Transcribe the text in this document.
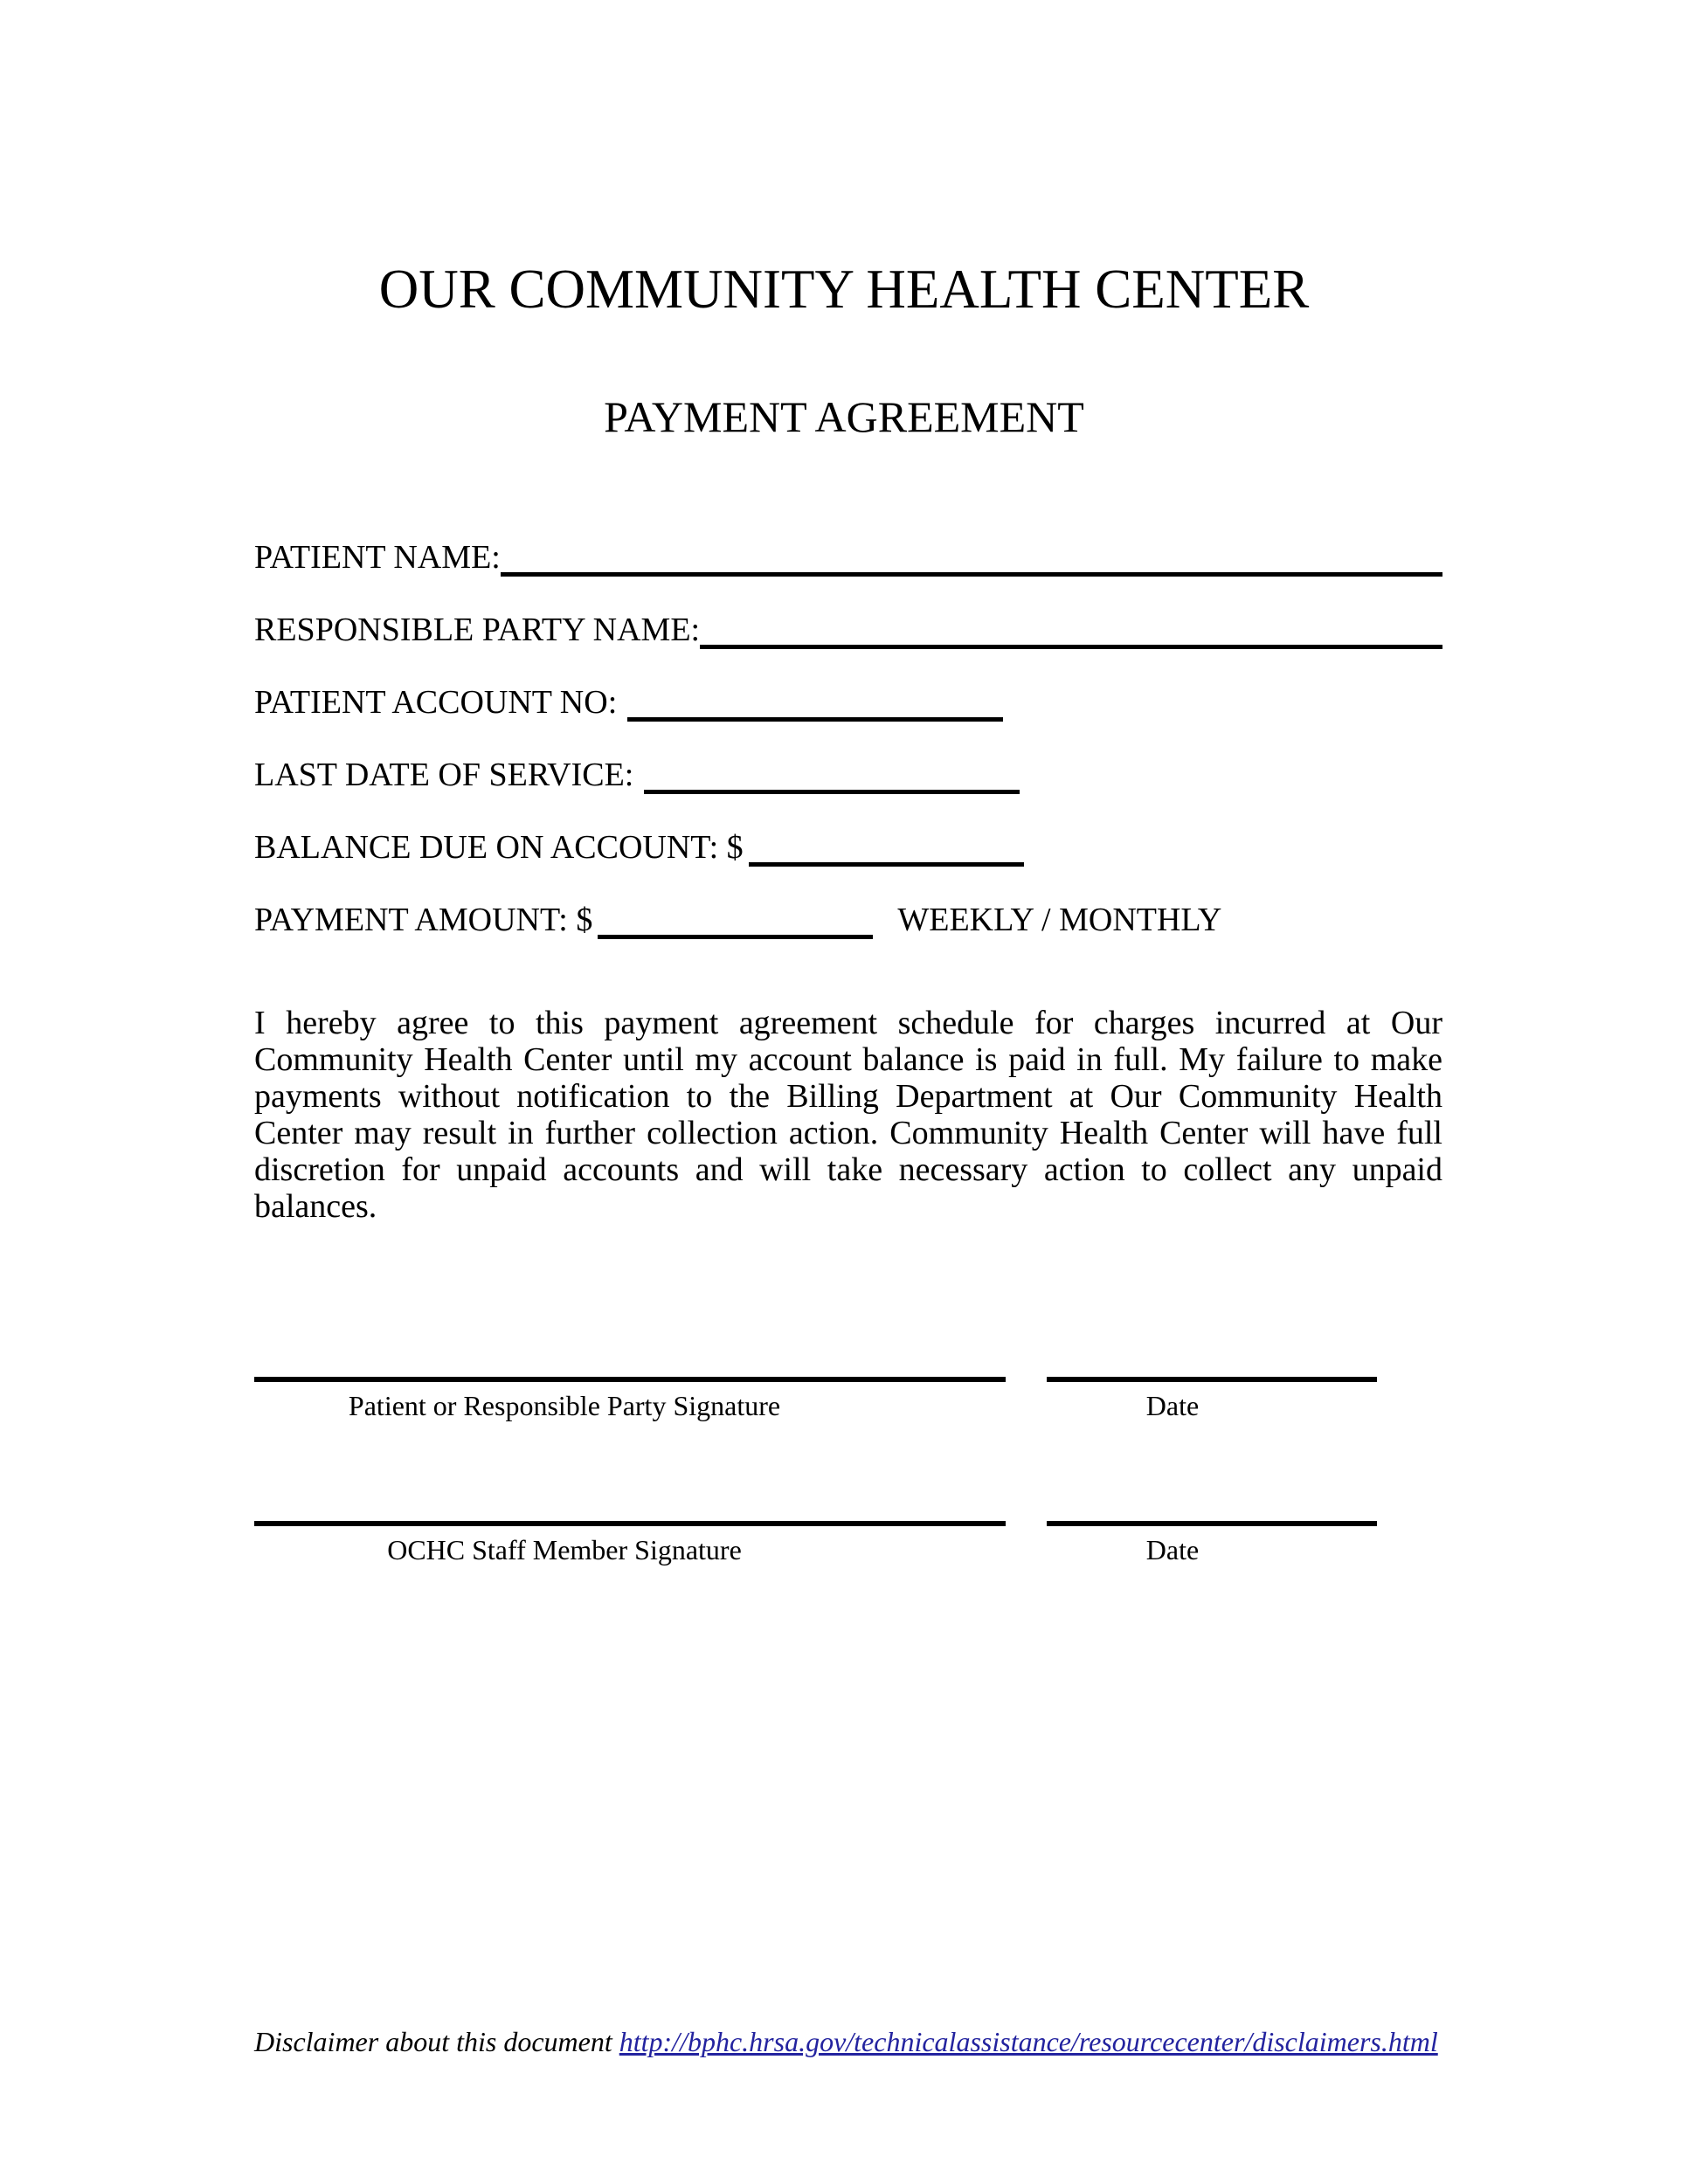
OUR COMMUNITY HEALTH CENTER
PAYMENT AGREEMENT
PATIENT NAME:
RESPONSIBLE PARTY NAME:
PATIENT ACCOUNT NO:
LAST DATE OF SERVICE:
BALANCE DUE ON ACCOUNT: $
PAYMENT AMOUNT: $	WEEKLY / MONTHLY

I hereby agree to this payment agreement schedule for charges incurred at Our Community Health Center until my account balance is paid in full. My failure to make payments without notification to the Billing Department at Our Community Health Center may result in further collection action. Community Health Center will have full discretion for unpaid accounts and will take necessary action to collect any unpaid balances.

Patient or Responsible Party Signature	Date
OCHC Staff Member Signature	Date
Disclaimer about this document http://bphc.hrsa.gov/technicalassistance/resourcecenter/disclaimers.html
